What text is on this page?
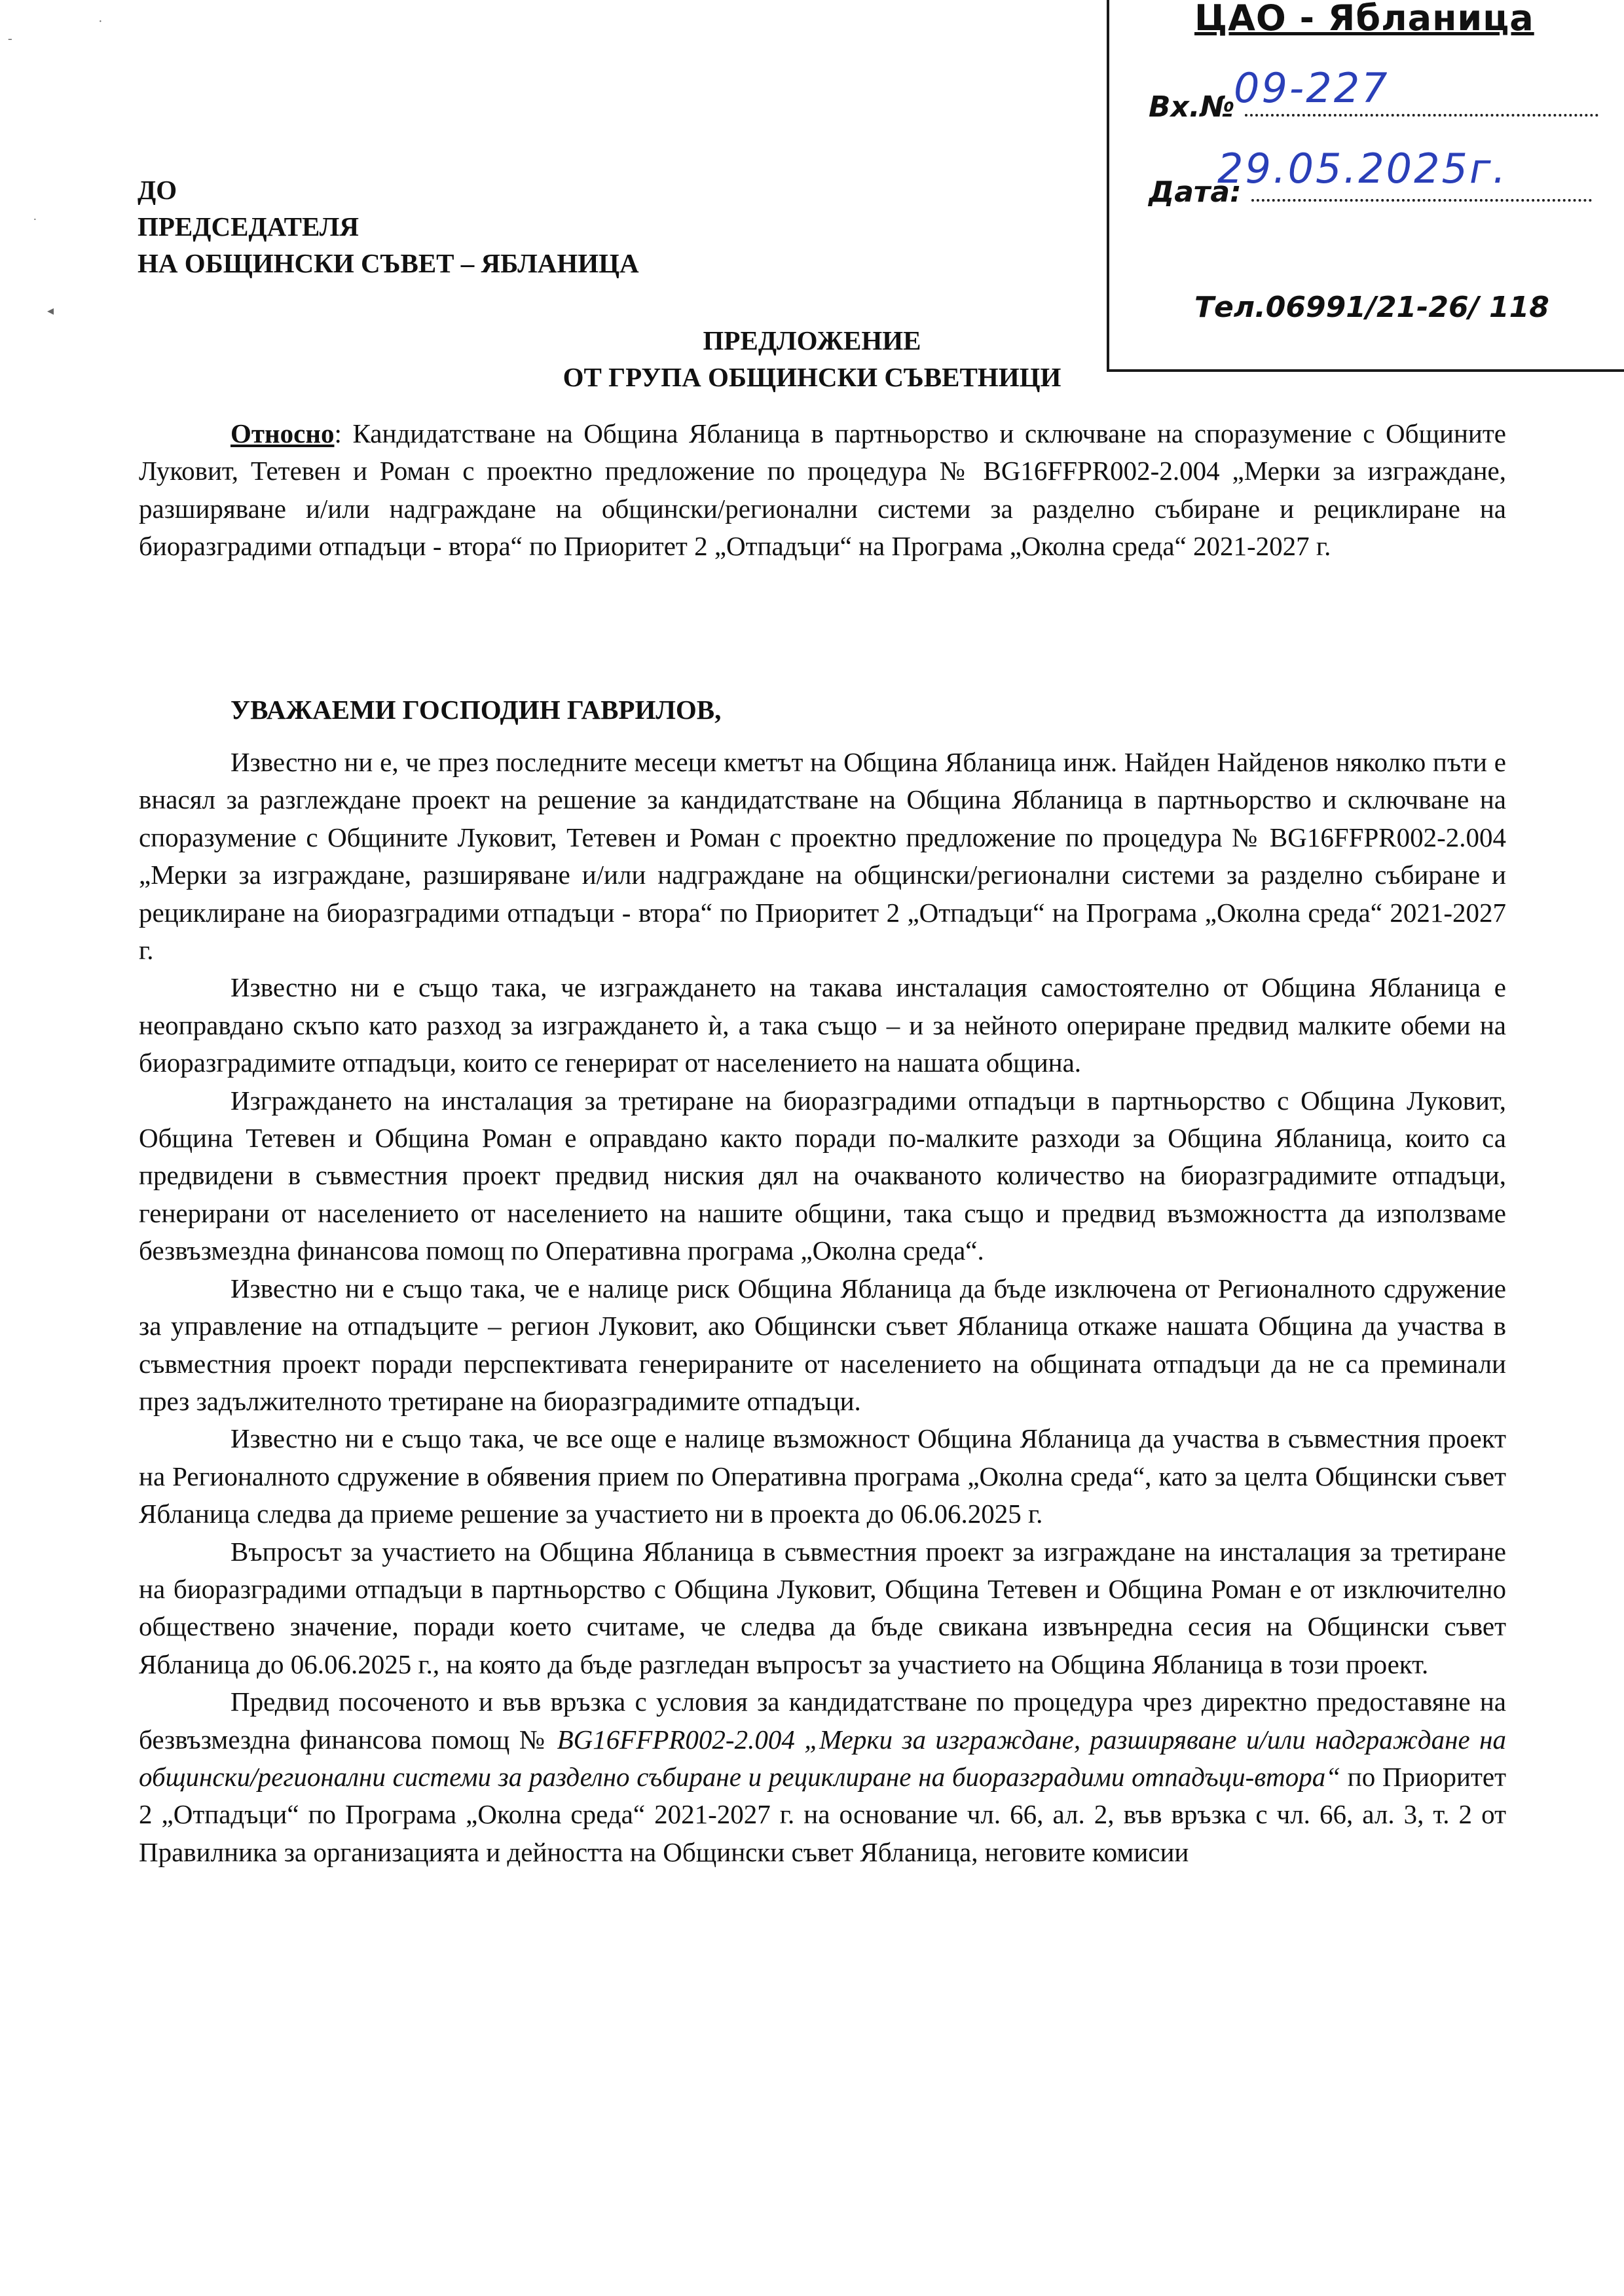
‑
·
˙
◂
ЦАО - Ябланица
Вх.№
09-227
Дата:
29.05.2025г.
Тел.06991/21-26/ 118
ДО
ПРЕДСЕДАТЕЛЯ
НА ОБЩИНСКИ СЪВЕТ – ЯБЛАНИЦА
ПРЕДЛОЖЕНИЕ
ОТ ГРУПА ОБЩИНСКИ СЪВЕТНИЦИ

Относно: Кандидатстване на Община Ябланица в партньорство и сключване на споразумение с Общините Луковит, Тетевен и Роман с проектно предложение по процедура № BG16FFPR002-2.004 „Мерки за изграждане, разширяване и/или надграждане на общински/регионални системи за разделно събиране и рециклиране на биоразградими отпадъци - втора“ по Приоритет 2 „Отпадъци“ на Програма „Околна среда“ 2021-2027 г.

УВАЖАЕМИ ГОСПОДИН ГАВРИЛОВ,

Известно ни е, че през последните месеци кметът на Община Ябланица инж. Найден Найденов няколко пъти е внасял за разглеждане проект на решение за кандидатстване на Община Ябланица в партньорство и сключване на споразумение с Общините Луковит, Тетевен и Роман с проектно предложение по процедура № BG16FFPR002-2.004 „Мерки за изграждане, разширяване и/или надграждане на общински/регионални системи за разделно събиране и рециклиране на биоразградими отпадъци - втора“ по Приоритет 2 „Отпадъци“ на Програма „Околна среда“ 2021-2027 г.

Известно ни е също така, че изграждането на такава инсталация самостоятелно от Община Ябланица е неоправдано скъпо като разход за изграждането ѝ, а така също – и за нейното опериране предвид малките обеми на биоразградимите отпадъци, които се генерират от населението на нашата община.

Изграждането на инсталация за третиране на биоразградими отпадъци в партньорство с Община Луковит, Община Тетевен и Община Роман е оправдано както поради по-малките разходи за Община Ябланица, които са предвидени в съвместния проект предвид ниския дял на очакваното количество на биоразградимите отпадъци, генерирани от населението от населението на нашите общини, така също и предвид възможността да използваме безвъзмездна финансова помощ по Оперативна програма „Околна среда“.

Известно ни е също така, че е налице риск Община Ябланица да бъде изключена от Регионалното сдружение за управление на отпадъците – регион Луковит, ако Общински съвет Ябланица откаже нашата Община да участва в съвместния проект поради перспективата генерираните от населението на общината отпадъци да не са преминали през задължителното третиране на биоразградимите отпадъци.

Известно ни е също така, че все още е налице възможност Община Ябланица да участва в съвместния проект на Регионалното сдружение в обявения прием по Оперативна програма „Околна среда“, като за целта Общински съвет Ябланица следва да приеме решение за участието ни в проекта до 06.06.2025 г.

Въпросът за участието на Община Ябланица в съвместния проект за изграждане на инсталация за третиране на биоразградими отпадъци в партньорство с Община Луковит, Община Тетевен и Община Роман е от изключително обществено значение, поради което считаме, че следва да бъде свикана извънредна сесия на Общински съвет Ябланица до 06.06.2025 г., на която да бъде разгледан въпросът за участието на Община Ябланица в този проект.

Предвид посоченото и във връзка с условия за кандидатстване по процедура чрез директно предоставяне на безвъзмездна финансова помощ № BG16FFPR002-2.004 „Мерки за изграждане, разширяване и/или надграждане на общински/регионални системи за разделно събиране и рециклиране на биоразградими отпадъци-втора“ по Приоритет 2 „Отпадъци“ по Програма „Околна среда“ 2021-2027 г. на основание чл. 66, ал. 2, във връзка с чл. 66, ал. 3, т. 2 от Правилника за организацията и дейността на Общински съвет Ябланица, неговите комисии
